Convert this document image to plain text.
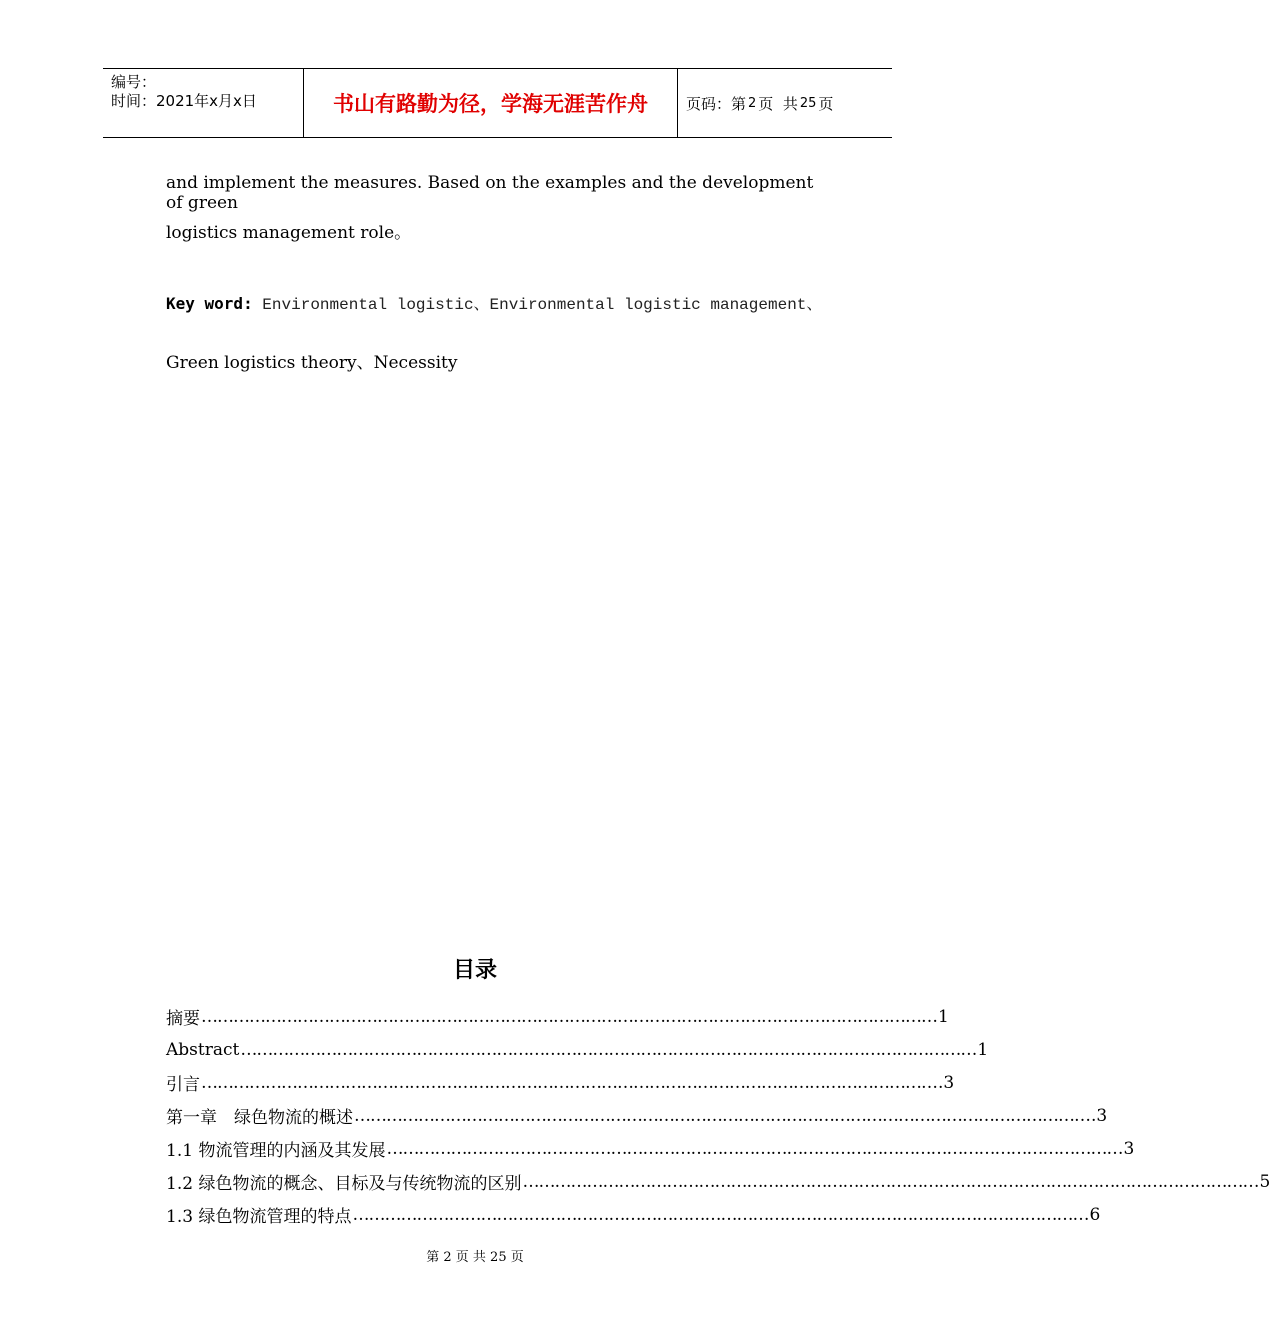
编号：
时间：2021年x月x日	书山有路勤为径，学海无涯苦作舟	页码：第 2 页  共 25 页
and implement the measures. Based on the examples and the development of green
logistics management role。
Key word: Environmental logistic、Environmental logistic management、
Green logistics theory、Necessity
目录
摘要 ………………………………………………………………………………………………………………………… 1
Abstract ………………………………………………………………………………………………………………………… 1
引言 ………………………………………………………………………………………………………………………… .3
第一章　绿色物流的概述 ………………………………………………………………………………………………………………………… .3
1.1 物流管理的内涵及其发展 ………………………………………………………………………………………………………………………… 3
1.2 绿色物流的概念、目标及与传统物流的区别 ………………………………………………………………………………………………………………………… 5
1.3 绿色物流管理的特点 ………………………………………………………………………………………………………………………… 6
第 2 页 共 25 页
